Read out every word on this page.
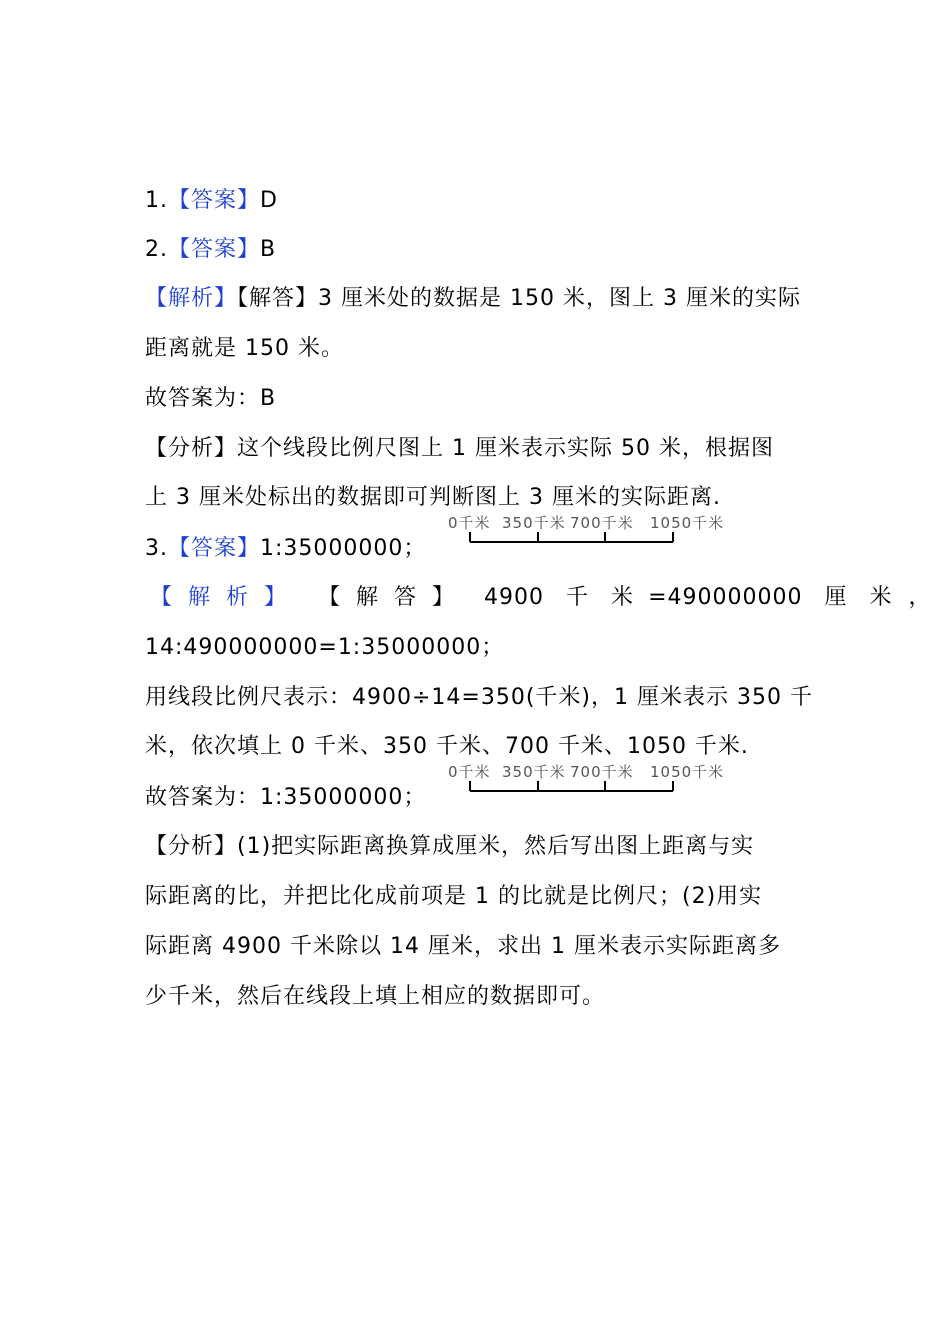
1.【答案】D
2.【答案】B
【解析】【解答】3 厘米处的数据是 150 米，图上 3 厘米的实际
距离就是 150 米。
故答案为：B
【分析】这个线段比例尺图上 1 厘米表示实际 50 米，根据图
上 3 厘米处标出的数据即可判断图上 3 厘米的实际距离.
3.【答案】1:35000000；
0千米 350千米 700千米 1050千米
【解析】 【解答】 4900 千 米 =490000000 厘 米 ，
14:490000000=1:35000000；
用线段比例尺表示：4900÷14=350(千米)，1 厘米表示 350 千
米，依次填上 0 千米、350 千米、700 千米、1050 千米.
故答案为：1:35000000；
0千米 350千米 700千米 1050千米
【分析】(1)把实际距离换算成厘米，然后写出图上距离与实
际距离的比，并把比化成前项是 1 的比就是比例尺；(2)用实
际距离 4900 千米除以 14 厘米，求出 1 厘米表示实际距离多
少千米，然后在线段上填上相应的数据即可。
